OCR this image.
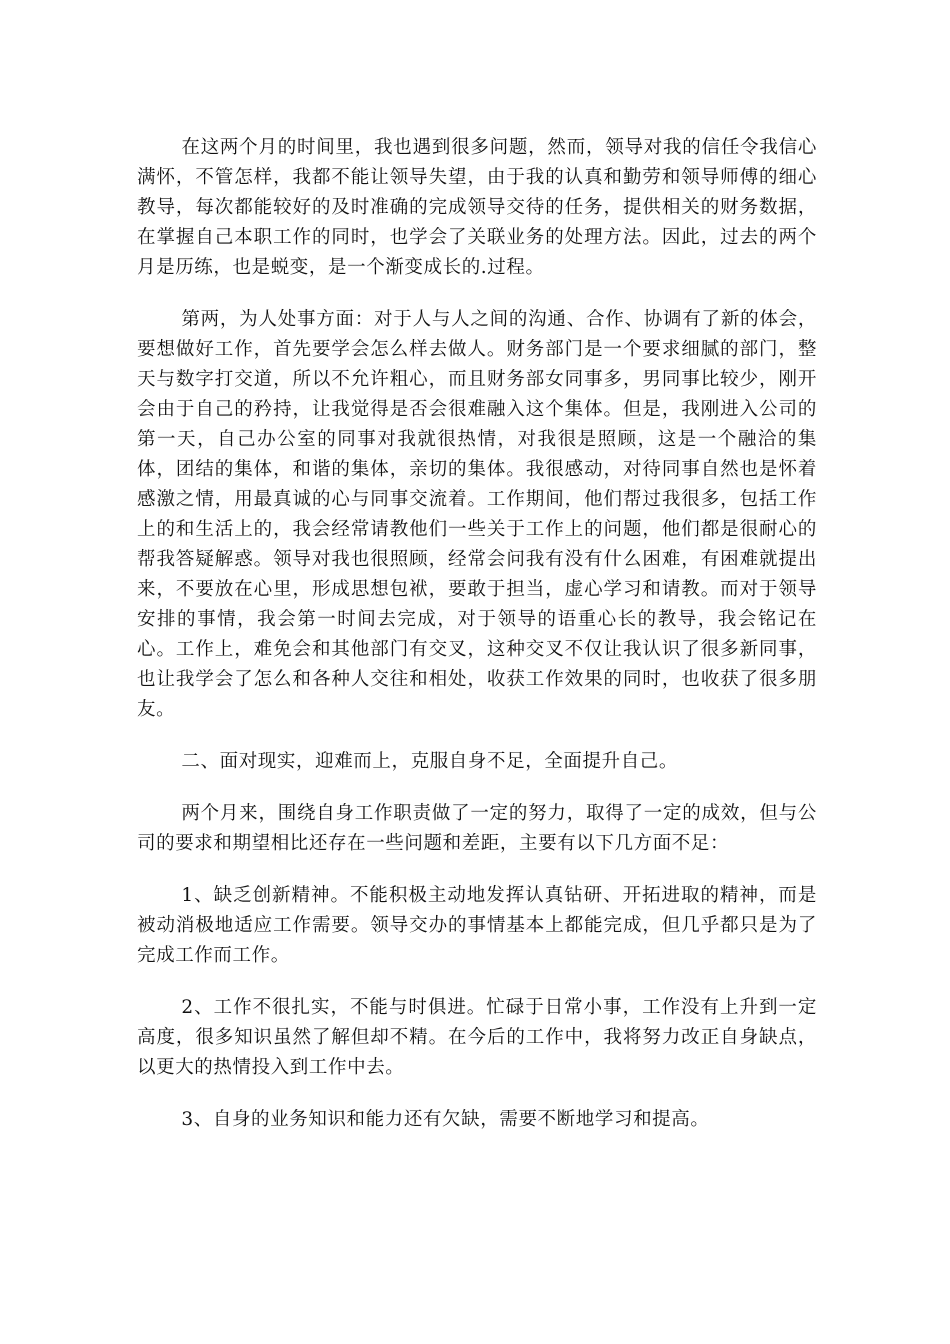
在这两个月的时间里，我也遇到很多问题，然而，领导对我的信任令我信心满怀，不管怎样，我都不能让领导失望，由于我的认真和勤劳和领导师傅的细心教导，每次都能较好的及时准确的完成领导交待的任务，提供相关的财务数据，在掌握自己本职工作的同时，也学会了关联业务的处理方法。因此，过去的两个月是历练，也是蜕变，是一个渐变成长的.过程。

第两，为人处事方面：对于人与人之间的沟通、合作、协调有了新的体会，要想做好工作，首先要学会怎么样去做人。财务部门是一个要求细腻的部门，整天与数字打交道，所以不允许粗心，而且财务部女同事多，男同事比较少，刚开会由于自己的矜持，让我觉得是否会很难融入这个集体。但是，我刚进入公司的第一天，自己办公室的同事对我就很热情，对我很是照顾，这是一个融洽的集体，团结的集体，和谐的集体，亲切的集体。我很感动，对待同事自然也是怀着感激之情，用最真诚的心与同事交流着。工作期间，他们帮过我很多，包括工作上的和生活上的，我会经常请教他们一些关于工作上的问题，他们都是很耐心的帮我答疑解惑。领导对我也很照顾，经常会问我有没有什么困难，有困难就提出来，不要放在心里，形成思想包袱，要敢于担当，虚心学习和请教。而对于领导安排的事情，我会第一时间去完成，对于领导的语重心长的教导，我会铭记在心。工作上，难免会和其他部门有交叉，这种交叉不仅让我认识了很多新同事，也让我学会了怎么和各种人交往和相处，收获工作效果的同时，也收获了很多朋友。

二、面对现实，迎难而上，克服自身不足，全面提升自己。

两个月来，围绕自身工作职责做了一定的努力，取得了一定的成效，但与公司的要求和期望相比还存在一些问题和差距，主要有以下几方面不足：

1、缺乏创新精神。不能积极主动地发挥认真钻研、开拓进取的精神，而是被动消极地适应工作需要。领导交办的事情基本上都能完成，但几乎都只是为了完成工作而工作。

2、工作不很扎实，不能与时俱进。忙碌于日常小事，工作没有上升到一定高度，很多知识虽然了解但却不精。在今后的工作中，我将努力改正自身缺点，以更大的热情投入到工作中去。

3、自身的业务知识和能力还有欠缺，需要不断地学习和提高。
